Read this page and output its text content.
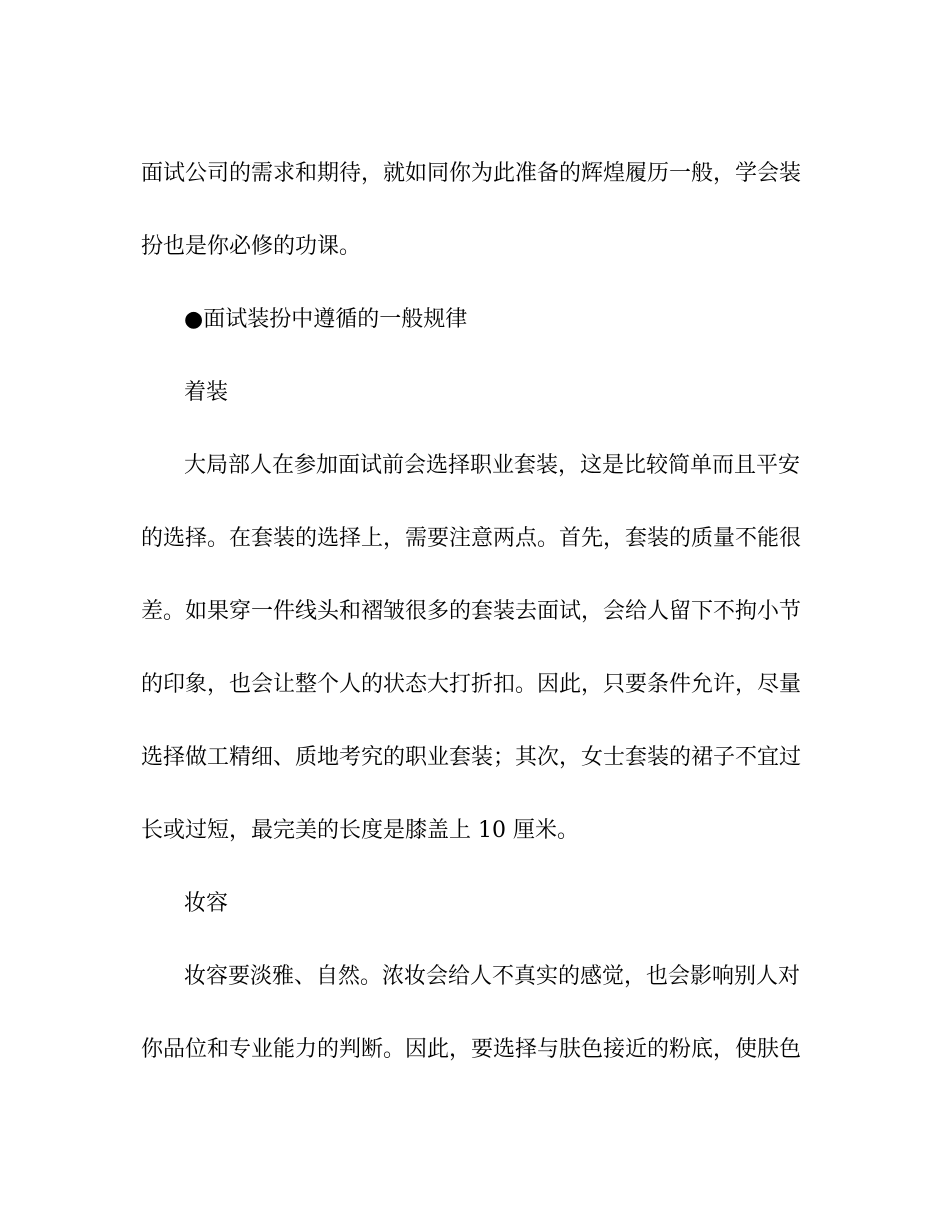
面试公司的需求和期待，就如同你为此准备的辉煌履历一般，学会装
扮也是你必修的功课。
●面试装扮中遵循的一般规律
着装
大局部人在参加面试前会选择职业套装，这是比较简单而且平安
的选择。在套装的选择上，需要注意两点。首先，套装的质量不能很
差。如果穿一件线头和褶皱很多的套装去面试，会给人留下不拘小节
的印象，也会让整个人的状态大打折扣。因此，只要条件允许，尽量
选择做工精细、质地考究的职业套装；其次，女士套装的裙子不宜过
长或过短，最完美的长度是膝盖上 10 厘米。
妆容
妆容要淡雅、自然。浓妆会给人不真实的感觉，也会影响别人对
你品位和专业能力的判断。因此，要选择与肤色接近的粉底，使肤色
